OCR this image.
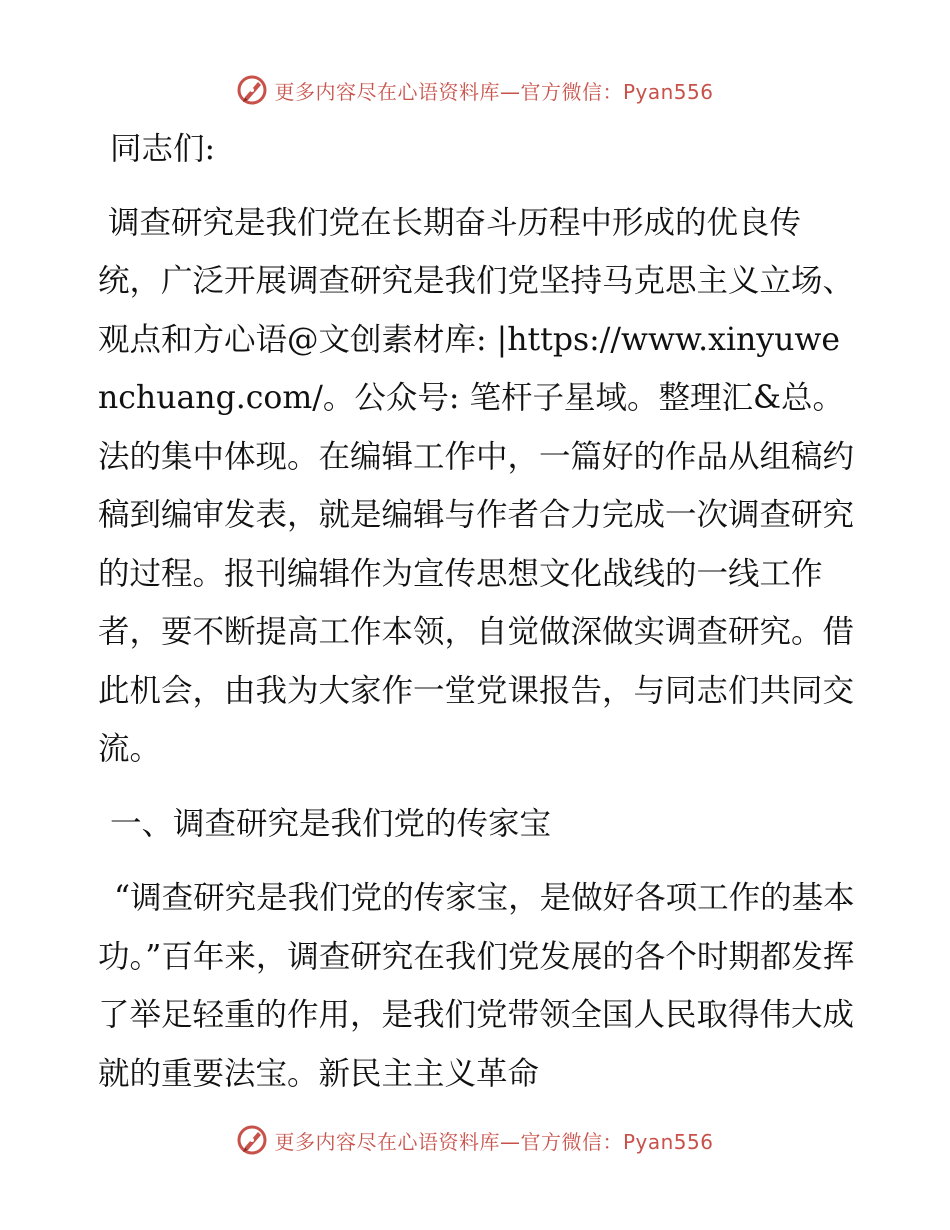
更多内容尽在心语资料库—官方微信：Pyan556

同志们:

调查研究是我们党在长期奋斗历程中形成的优良传统，广泛开展调查研究是我们党坚持马克思主义立场、观点和方心语@文创素材库: |https://www.xinyuwenchuang.com/。公众号: 笔杆子星域。整理汇&总。法的集中体现。在编辑工作中，一篇好的作品从组稿约稿到编审发表，就是编辑与作者合力完成一次调查研究的过程。报刊编辑作为宣传思想文化战线的一线工作者，要不断提高工作本领，自觉做深做实调查研究。借此机会，由我为大家作一堂党课报告，与同志们共同交流。

一、调查研究是我们党的传家宝

“调查研究是我们党的传家宝，是做好各项工作的基本功。”百年来，调查研究在我们党发展的各个时期都发挥了举足轻重的作用，是我们党带领全国人民取得伟大成就的重要法宝。新民主主义革命

更多内容尽在心语资料库—官方微信：Pyan556
